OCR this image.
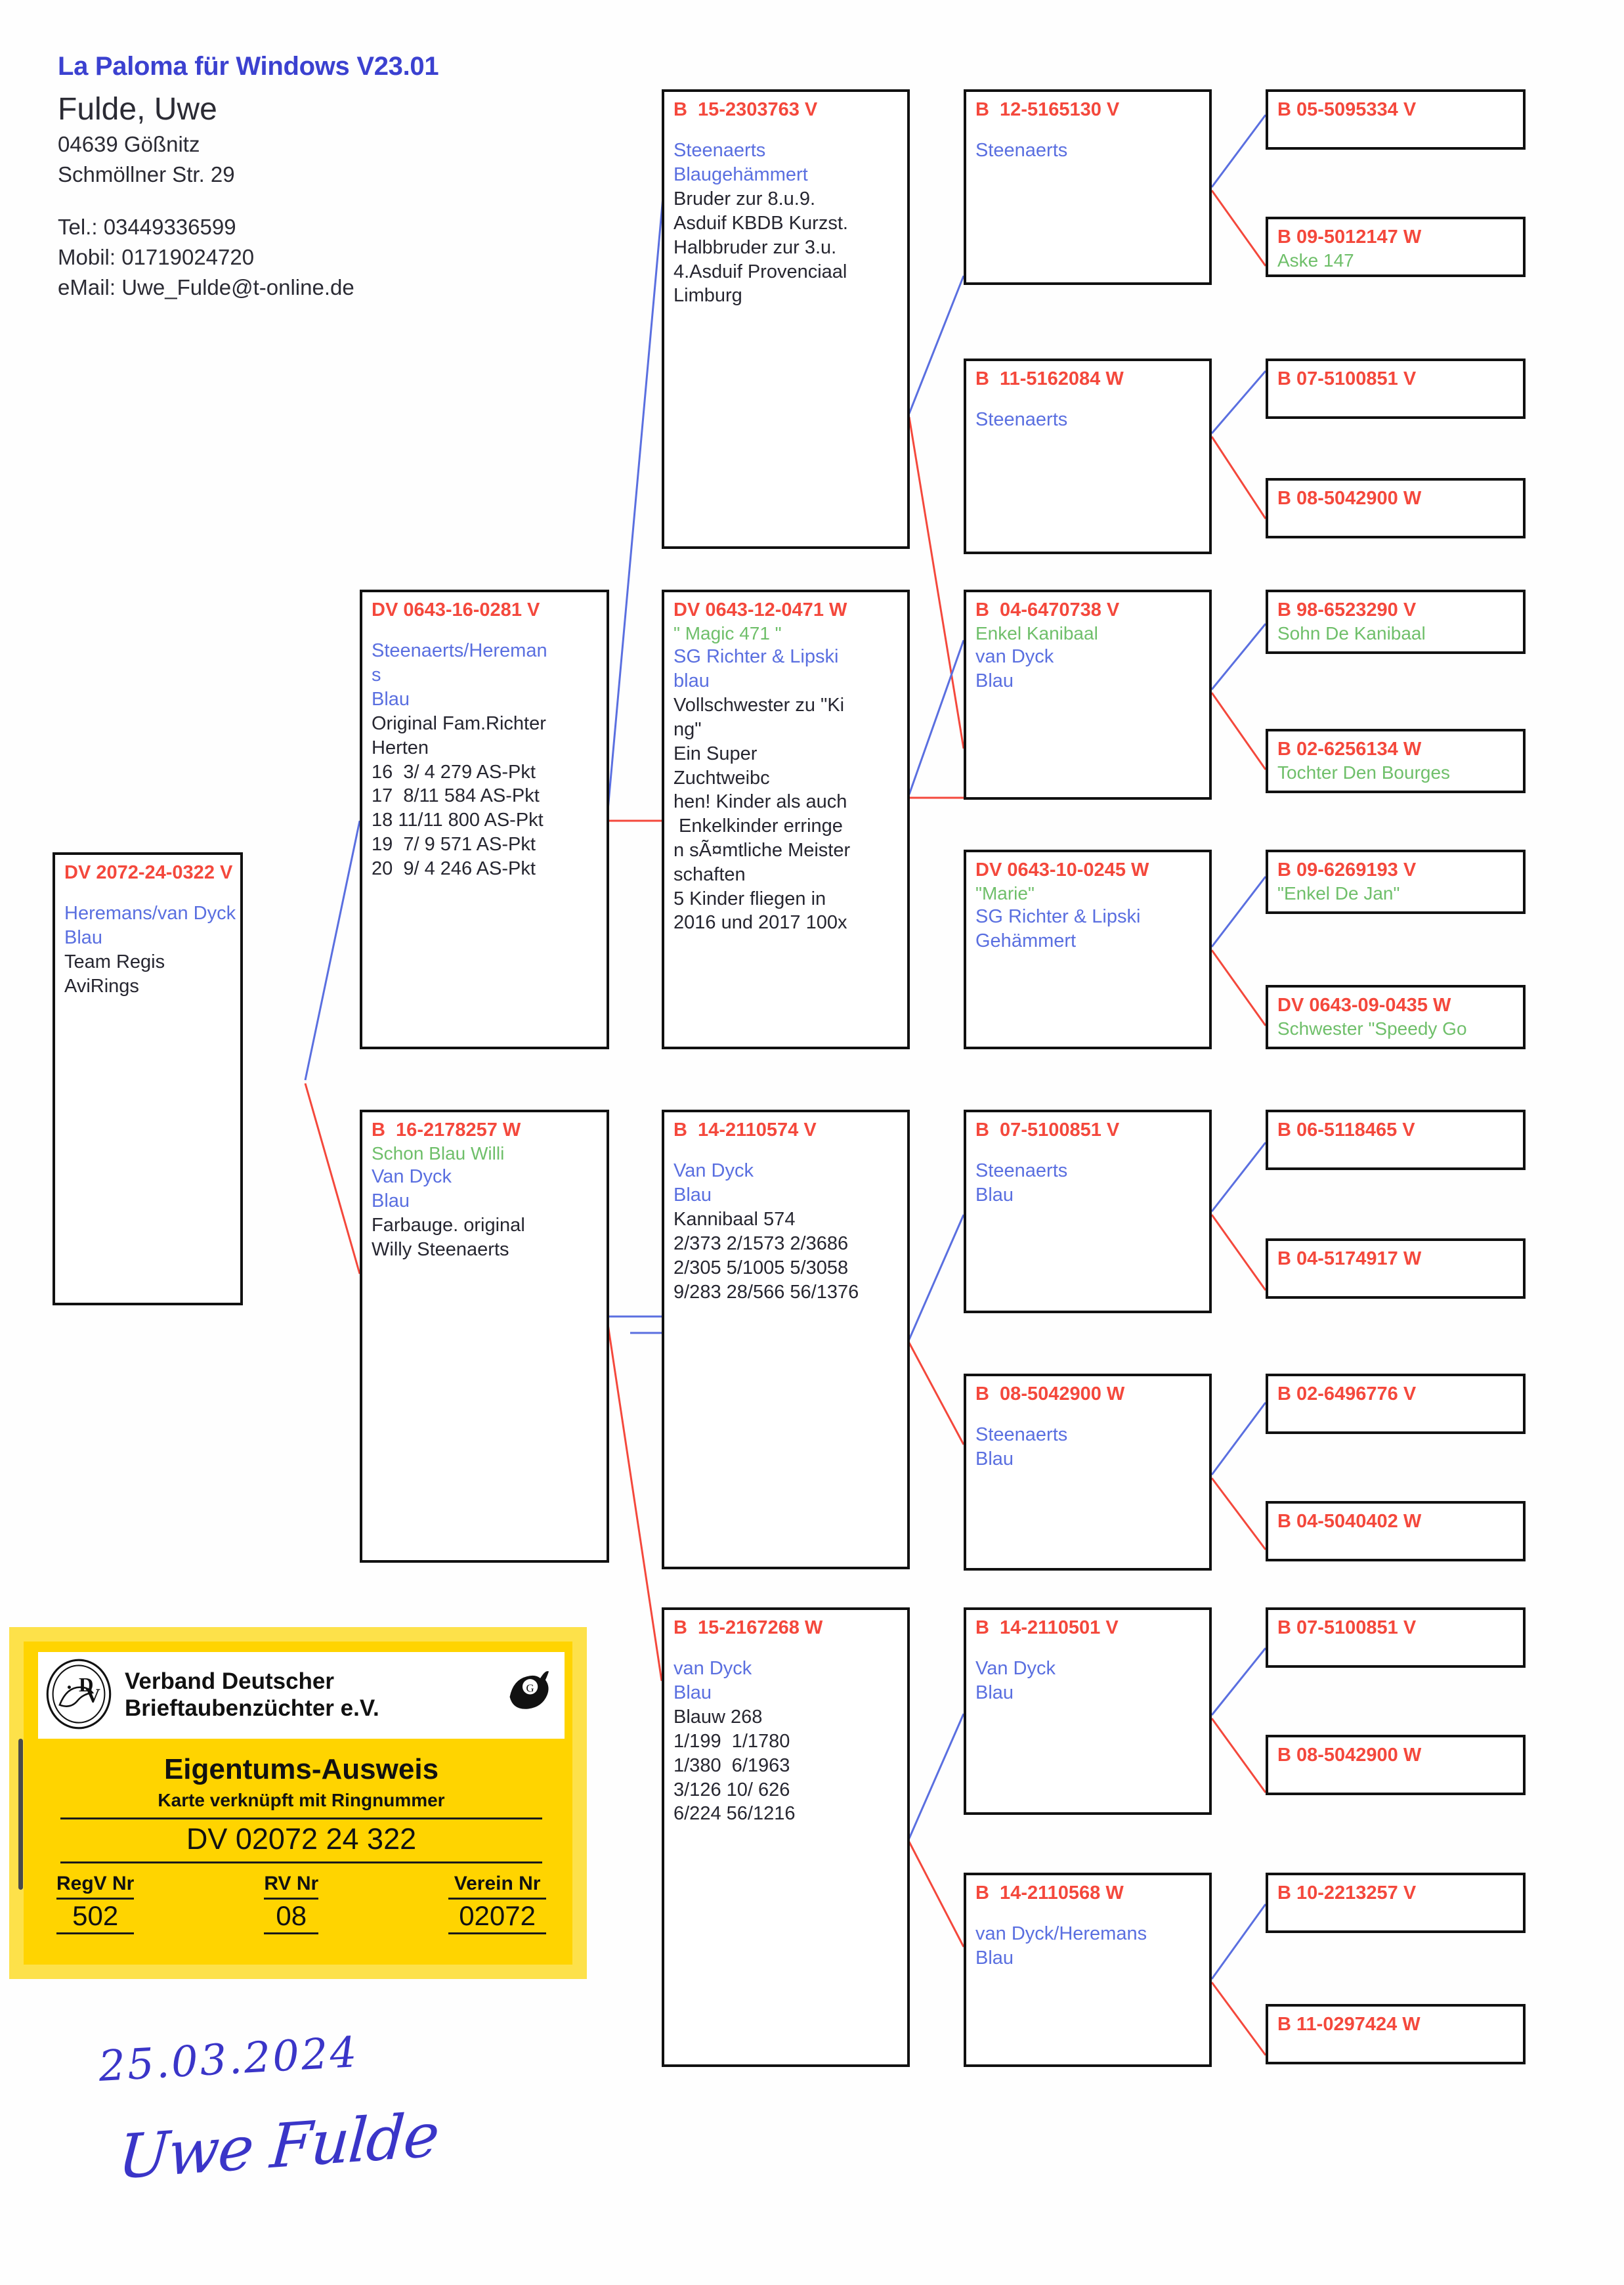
La Paloma für Windows V23.01
Fulde, Uwe
04639 Gößnitz
Schmöllner Str. 29
Tel.: 03449336599
Mobil: 01719024720
eMail: Uwe_Fulde@t-online.de
DV 2072-24-0322 V
Heremans/van Dyck
Blau
Team Regis
AviRings
DV 0643-16-0281 V
Steenaerts/Hereman
s
Blau
Original Fam.Richter
Herten
16  3/ 4 279 AS-Pkt
17  8/11 584 AS-Pkt
18 11/11 800 AS-Pkt
19  7/ 9 571 AS-Pkt
20  9/ 4 246 AS-Pkt
B  16-2178257 W
Schon Blau Willi
Van Dyck
Blau
Farbauge. original
Willy Steenaerts
B  15-2303763 V
Steenaerts
Blaugehämmert
Bruder zur 8.u.9.
Asduif KBDB Kurzst.
Halbbruder zur 3.u.
4.Asduif Provenciaal
Limburg
DV 0643-12-0471 W
" Magic 471 "
SG Richter & Lipski
blau
Vollschwester zu "Ki
ng"
Ein Super
Zuchtweibc
hen! Kinder als auch
Enkelkinder erringe
n sÃ¤mtliche Meister
schaften
5 Kinder fliegen in
2016 und 2017 100x
B  14-2110574 V
Van Dyck
Blau
Kannibaal 574
2/373 2/1573 2/3686
2/305 5/1005 5/3058
9/283 28/566 56/1376
B  15-2167268 W
van Dyck
Blau
Blauw 268
1/199  1/1780
1/380  6/1963
3/126 10/ 626
6/224 56/1216
B  12-5165130 V
Steenaerts
B  11-5162084 W
Steenaerts
B  04-6470738 V
Enkel Kanibaal
van Dyck
Blau
DV 0643-10-0245 W
"Marie"
SG Richter & Lipski
Gehämmert
B  07-5100851 V
Steenaerts
Blau
B  08-5042900 W
Steenaerts
Blau
B  14-2110501 V
Van Dyck
Blau
B  14-2110568 W
van Dyck/Heremans
Blau
B 05-5095334 V
B 09-5012147 W
Aske 147
B 07-5100851 V
B 08-5042900 W
B 98-6523290 V
Sohn De Kanibaal
B 02-6256134 W
Tochter Den Bourges
B 09-6269193 V
"Enkel De Jan"
DV 0643-09-0435 W
Schwester "Speedy Go
B 06-5118465 V
B 04-5174917 W
B 02-6496776 V
B 04-5040402 W
B 07-5100851 V
B 08-5042900 W
B 10-2213257 V
B 11-0297424 W
D
V
Verband Deutscher
Brieftaubenzüchter e.V.
G
Eigentums-Ausweis
Karte verknüpft mit Ringnummer
DV 02072 24 322
RegV Nr
502
RV Nr
08
Verein Nr
02072
25.03.2024
Uwe Fulde
